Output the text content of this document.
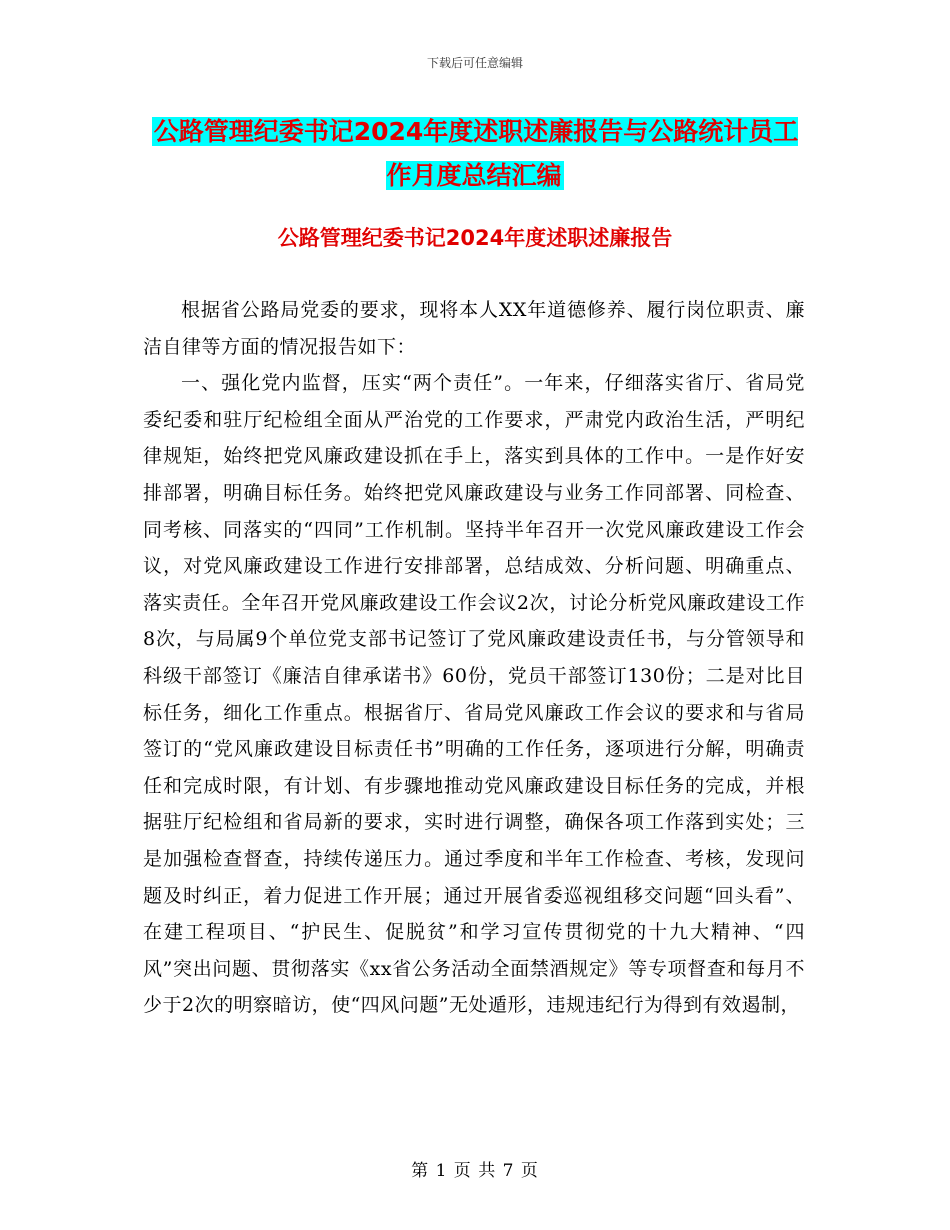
下载后可任意编辑
公路管理纪委书记2024年度述职述廉报告与公路统计员工作月度总结汇编
公路管理纪委书记2024年度述职述廉报告

根据省公路局党委的要求，现将本人XX年道德修养、履行岗位职责、廉洁自律等方面的情况报告如下：

一、强化党内监督，压实“两个责任”。一年来，仔细落实省厅、省局党委纪委和驻厅纪检组全面从严治党的工作要求，严肃党内政治生活，严明纪律规矩，始终把党风廉政建设抓在手上，落实到具体的工作中。一是作好安排部署，明确目标任务。始终把党风廉政建设与业务工作同部署、同检查、同考核、同落实的“四同”工作机制。坚持半年召开一次党风廉政建设工作会议，对党风廉政建设工作进行安排部署，总结成效、分析问题、明确重点、落实责任。全年召开党风廉政建设工作会议2次，讨论分析党风廉政建设工作8次，与局属9个单位党支部书记签订了党风廉政建设责任书，与分管领导和科级干部签订《廉洁自律承诺书》60份，党员干部签订130份；二是对比目标任务，细化工作重点。根据省厅、省局党风廉政工作会议的要求和与省局签订的“党风廉政建设目标责任书”明确的工作任务，逐项进行分解，明确责任和完成时限，有计划、有步骤地推动党风廉政建设目标任务的完成，并根据驻厅纪检组和省局新的要求，实时进行调整，确保各项工作落到实处；三是加强检查督查，持续传递压力。通过季度和半年工作检查、考核，发现问题及时纠正，着力促进工作开展；通过开展省委巡视组移交问题“回头看”、在建工程项目、“护民生、促脱贫”和学习宣传贯彻党的十九大精神、“四风”突出问题、贯彻落实《xx省公务活动全面禁酒规定》等专项督查和每月不少于2次的明察暗访，使“四风问题”无处遁形，违规违纪行为得到有效遏制，

第 1 页 共 7 页
